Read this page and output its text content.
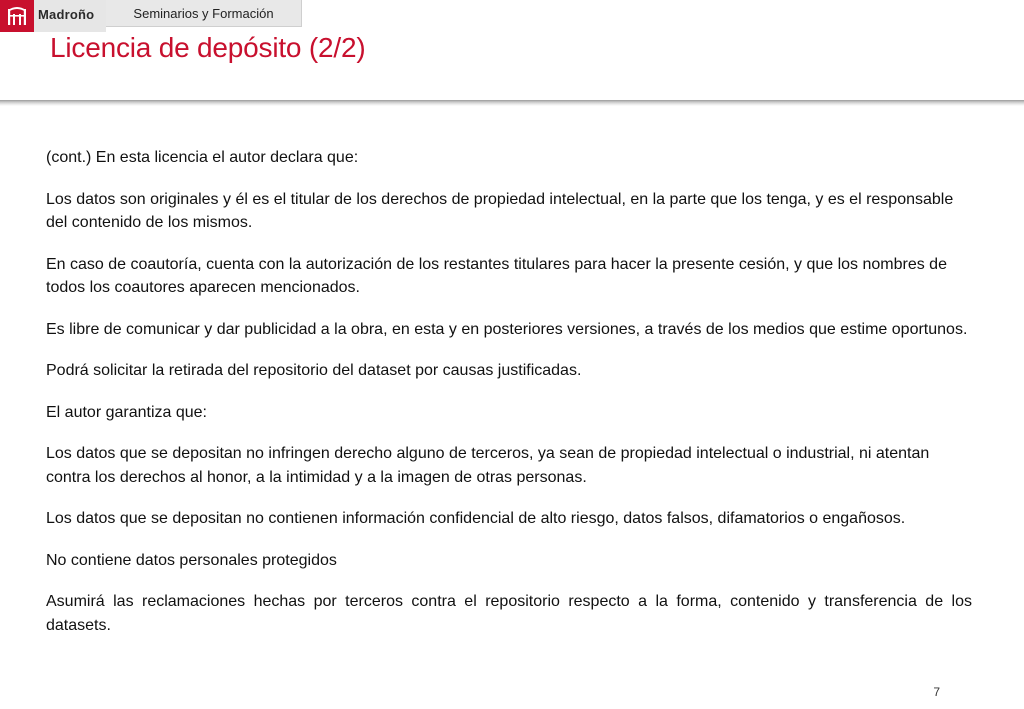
Madroño	Seminarios y Formación
Licencia de depósito (2/2)

(cont.) En esta licencia el autor declara que:

Los datos son originales y él es el titular de los derechos de propiedad intelectual, en la parte que los tenga, y es el responsable del contenido de los mismos.

En caso de coautoría, cuenta con la autorización de los restantes titulares para hacer la presente cesión, y que los nombres de todos los coautores aparecen mencionados.

Es libre de comunicar y dar publicidad a la obra, en esta y en posteriores versiones, a través de los medios que estime oportunos.

Podrá solicitar la retirada del repositorio del dataset por causas justificadas.

El autor garantiza que:

Los datos que se depositan no infringen derecho alguno de terceros, ya sean de propiedad intelectual o industrial, ni atentan contra los derechos al honor, a la intimidad y a la imagen de otras personas.

Los datos que se depositan no contienen información confidencial de alto riesgo, datos falsos, difamatorios o engañosos.

No contiene datos personales protegidos

Asumirá las reclamaciones hechas por terceros contra el repositorio respecto a la forma, contenido y transferencia de los datasets.

7
